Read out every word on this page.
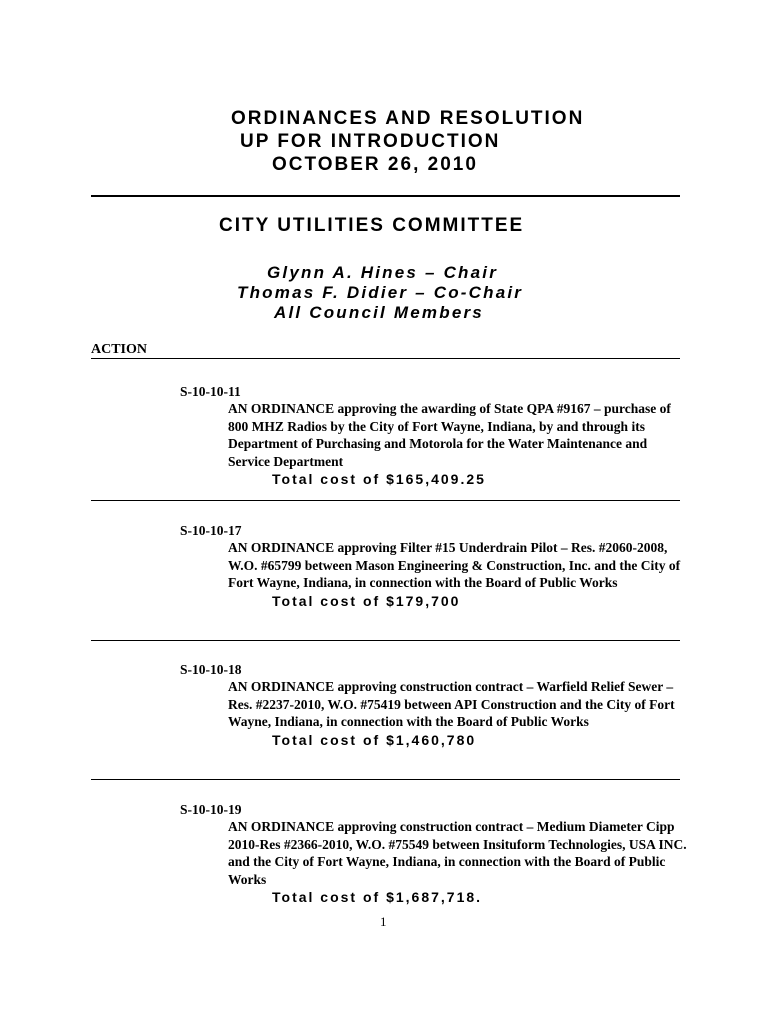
ORDINANCES AND RESOLUTION
UP FOR INTRODUCTION
OCTOBER 26, 2010
CITY UTILITIES COMMITTEE
Glynn A. Hines – Chair
Thomas F. Didier – Co-Chair
All Council Members
ACTION
S-10-10-11
AN ORDINANCE approving the awarding of State QPA #9167 – purchase of 800 MHZ Radios by the City of Fort Wayne, Indiana, by and through its Department of Purchasing and Motorola for the Water Maintenance and Service Department
Total cost of $165,409.25
S-10-10-17
AN ORDINANCE approving Filter #15 Underdrain Pilot – Res. #2060-2008, W.O. #65799 between Mason Engineering & Construction, Inc. and the City of Fort Wayne, Indiana, in connection with the Board of Public Works
Total cost of $179,700
S-10-10-18
AN ORDINANCE approving construction contract – Warfield Relief Sewer – Res. #2237-2010, W.O. #75419 between API Construction and the City of Fort Wayne, Indiana, in connection with the Board of Public Works
Total cost of $1,460,780
S-10-10-19
AN ORDINANCE approving construction contract – Medium Diameter Cipp 2010-Res #2366-2010, W.O. #75549 between Insituform Technologies, USA INC. and the City of Fort Wayne, Indiana, in connection with the Board of Public Works
Total cost of $1,687,718.
1
